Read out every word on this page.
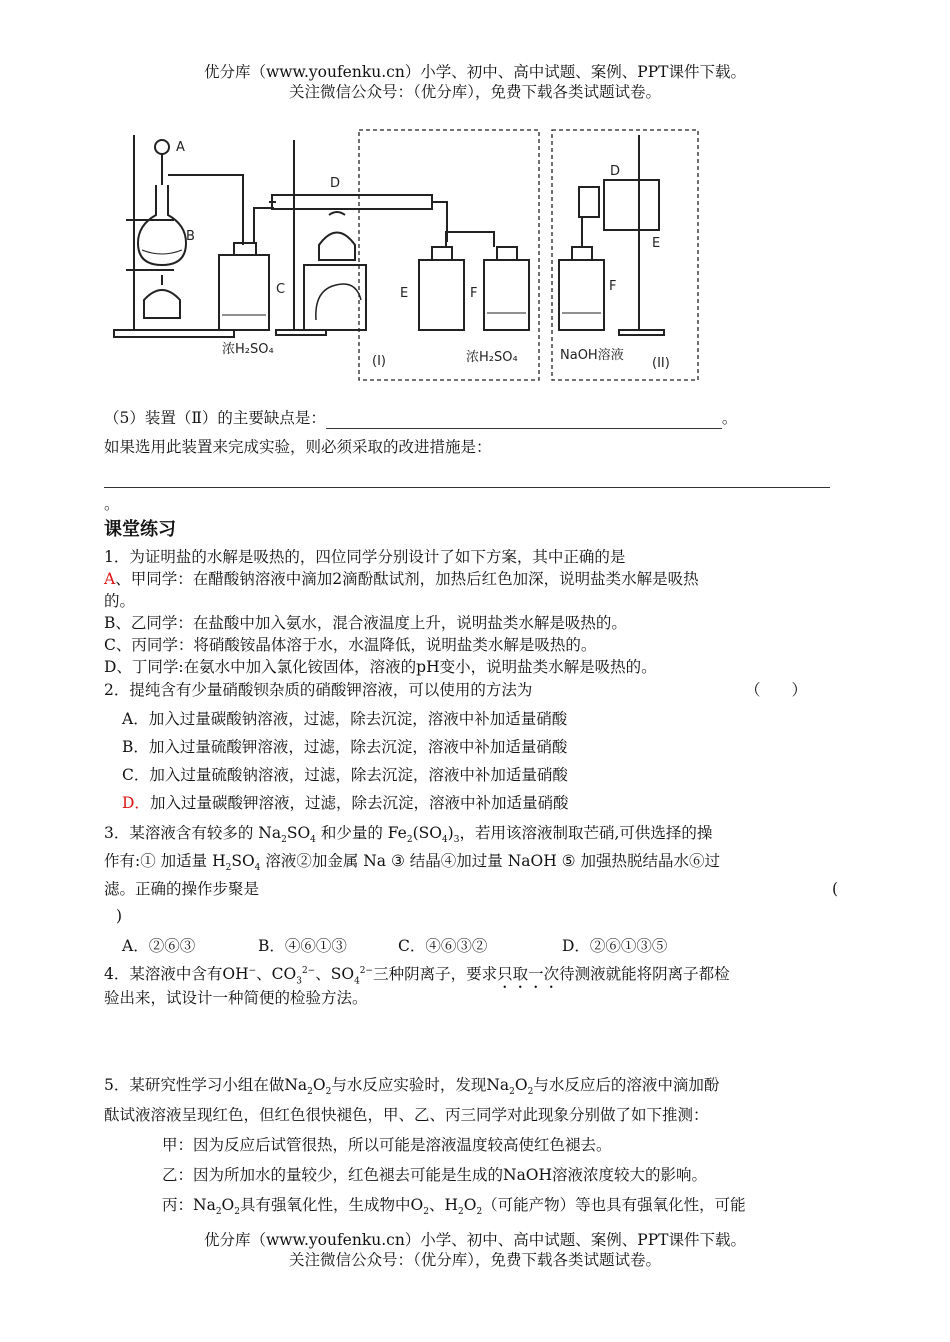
优分库（www.youfenku.cn）小学、初中、高中试题、案例、PPT课件下载。
关注微信公众号：（优分库），免费下载各类试题试卷。
A
B
C
D
E	F
D
E
F
浓H₂SO₄
(I)	浓H₂SO₄	NaOH溶液
(II)
（5）装置（Ⅱ）的主要缺点是：	。
如果选用此装置来完成实验，则必须采取的改进措施是：

。
课堂练习
1．为证明盐的水解是吸热的，四位同学分别设计了如下方案，其中正确的是
A、甲同学：在醋酸钠溶液中滴加2滴酚酞试剂，加热后红色加深，说明盐类水解是吸热
的。
B、乙同学：在盐酸中加入氨水，混合液温度上升，说明盐类水解是吸热的。
C、丙同学：将硝酸铵晶体溶于水，水温降低，说明盐类水解是吸热的。
D、丁同学:在氨水中加入氯化铵固体，溶液的pH变小，说明盐类水解是吸热的。
2．提纯含有少量硝酸钡杂质的硝酸钾溶液，可以使用的方法为	（　　）
A．加入过量碳酸钠溶液，过滤，除去沉淀，溶液中补加适量硝酸
B．加入过量硫酸钾溶液，过滤，除去沉淀，溶液中补加适量硝酸
C．加入过量硫酸钠溶液，过滤，除去沉淀，溶液中补加适量硝酸
D．加入过量碳酸钾溶液，过滤，除去沉淀，溶液中补加适量硝酸
3．某溶液含有较多的 $Na_2SO_4$ 和少量的 $Fe_2(SO_4)_3$，若用该溶液制取芒硝,可供选择的操
作有:① 加适量 $H_2SO_4$ 溶液②加金属 Na ③ 结晶④加过量 NaOH ⑤ 加强热脱结晶水⑥过
滤。正确的操作步聚是	(
)
A．②⑥③	B．④⑥①③	C．④⑥③②	D．②⑥①③⑤
4．某溶液中含有OH−、$CO_3^{2-}$、$SO_4^{2-}$三种阴离子，要求只取一次待测液就能将阴离子都检
验出来，试设计一种简便的检验方法。
5．某研究性学习小组在做$Na_2O_2$与水反应实验时，发现$Na_2O_2$与水反应后的溶液中滴加酚
酞试液溶液呈现红色，但红色很快褪色，甲、乙、丙三同学对此现象分别做了如下推测：
甲：因为反应后试管很热，所以可能是溶液温度较高使红色褪去。
乙：因为所加水的量较少，红色褪去可能是生成的NaOH溶液浓度较大的影响。
丙：$Na_2O_2$具有强氧化性，生成物中$O_2$、$H_2O_2$（可能产物）等也具有强氧化性，可能
优分库（www.youfenku.cn）小学、初中、高中试题、案例、PPT课件下载。
关注微信公众号：（优分库），免费下载各类试题试卷。
